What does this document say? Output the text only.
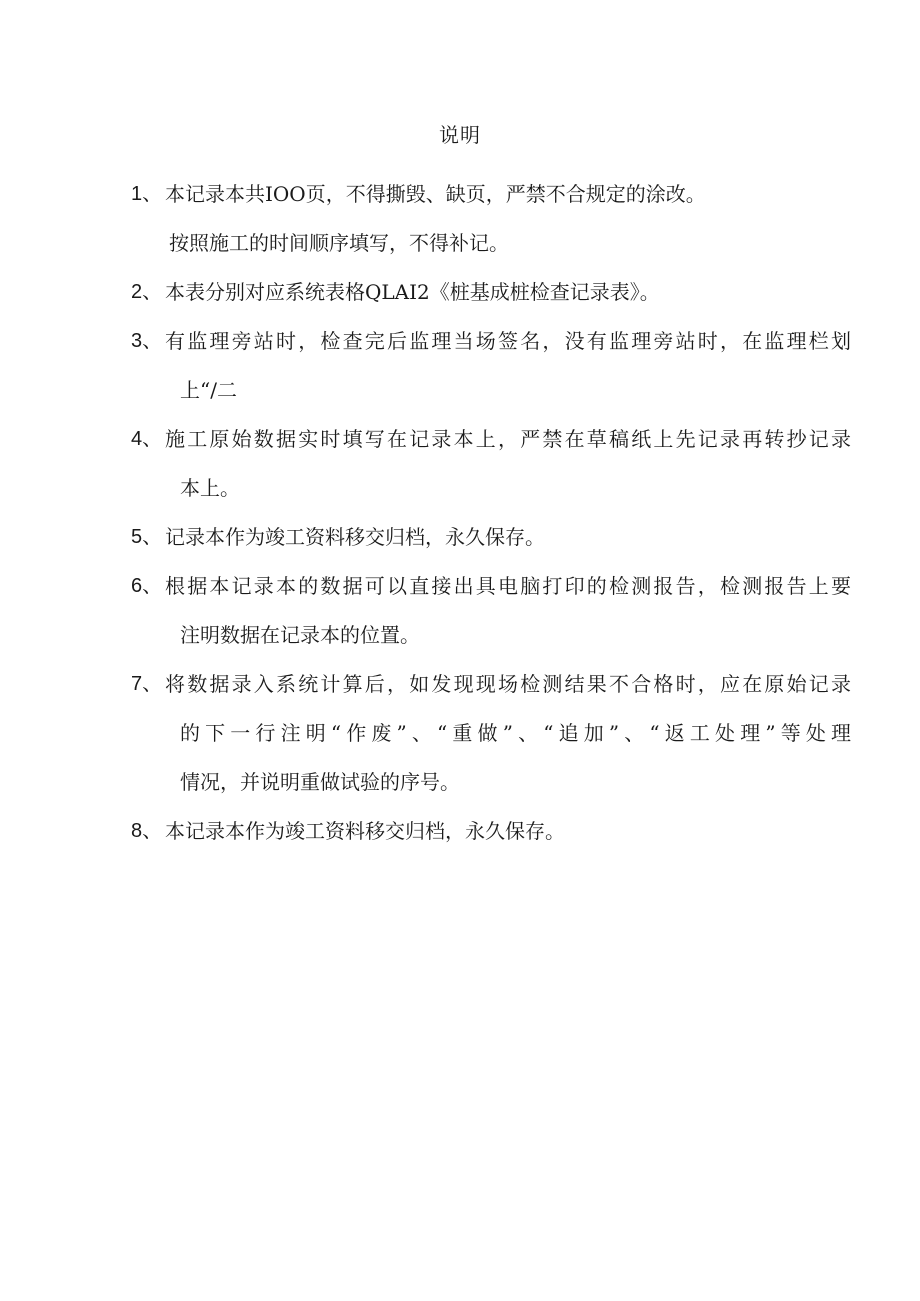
说明
1、 本记录本共IOO页，不得撕毁、缺页，严禁不合规定的涂改。
按照施工的时间顺序填写，不得补记。
2、 本表分别对应系统表格QLAI2《桩基成桩检查记录表》。
3、 有监理旁站时，检查完后监理当场签名，没有监理旁站时，在监理栏划
上“/二
4、 施工原始数据实时填写在记录本上，严禁在草稿纸上先记录再转抄记录
本上。
5、 记录本作为竣工资料移交归档，永久保存。
6、 根据本记录本的数据可以直接出具电脑打印的检测报告，检测报告上要
注明数据在记录本的位置。
7、 将数据录入系统计算后，如发现现场检测结果不合格时，应在原始记录
的下一行注明“作废”、“重做”、“追加”、“返工处理”等处理
情况，并说明重做试验的序号。
8、 本记录本作为竣工资料移交归档，永久保存。
